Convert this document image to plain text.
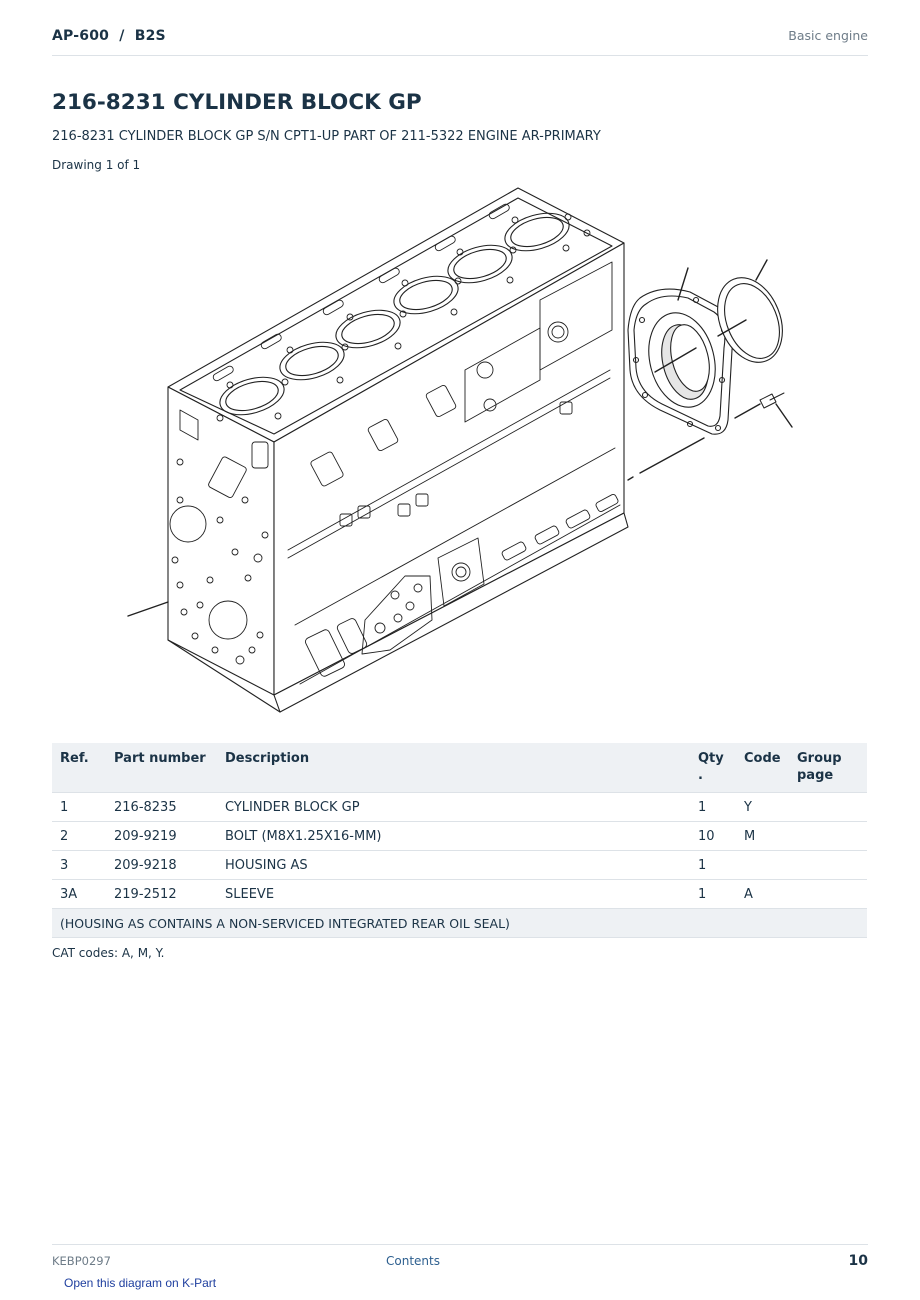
AP-600  /  B2S	Basic engine
216-8231 CYLINDER BLOCK GP
216-8231 CYLINDER BLOCK GP S/N CPT1-UP PART OF 211-5322 ENGINE AR-PRIMARY
Drawing 1 of 1
Ref.	Part number	Description	Qty .	Code	Group page
1	216-8235	CYLINDER BLOCK GP	1	Y	
2	209-9219	BOLT (M8X1.25X16-MM)	10	M	
3	209-9218	HOUSING AS	1		
3A	219-2512	SLEEVE	1	A	
(HOUSING AS CONTAINS A NON-SERVICED INTEGRATED REAR OIL SEAL)					
CAT codes: A, M, Y.
KEBP0297	Contents	10
Open this diagram on K-Part
